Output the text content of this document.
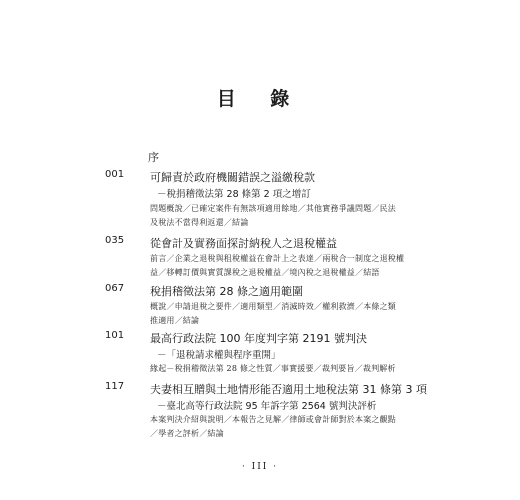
目 錄
序
001	可歸責於政府機關錯誤之溢繳稅款
－稅捐稽徵法第 28 條第 2 項之增訂
問題概說／已確定案件有無該項適用餘地／其他實務爭議問題／民法
及稅法不當得利返還／結論
035	從會計及實務面探討納稅人之退稅權益
前言／企業之退稅與租稅權益在會計上之表達／兩稅合一制度之退稅權
益／移轉訂價與實質課稅之退稅權益／境內稅之退稅權益／結語
067	稅捐稽徵法第 28 條之適用範圍
概說／申請退稅之要件／適用類型／消滅時效／權利救濟／本條之類
推適用／結論
101	最高行政法院 100 年度判字第 2191 號判決
－「退稅請求權與程序重開」
緣起－稅捐稽徵法第 28 條之性質／事實援要／裁判要旨／裁判解析
117	夫妻相互贈與土地情形能否適用土地稅法第 31 條第 3 項
－臺北高等行政法院 95 年訴字第 2564 號判決評析
本案判決介紹與說明／本報告之見解／律師或會計師對於本案之觀點
／學者之評析／結論
· III ·
